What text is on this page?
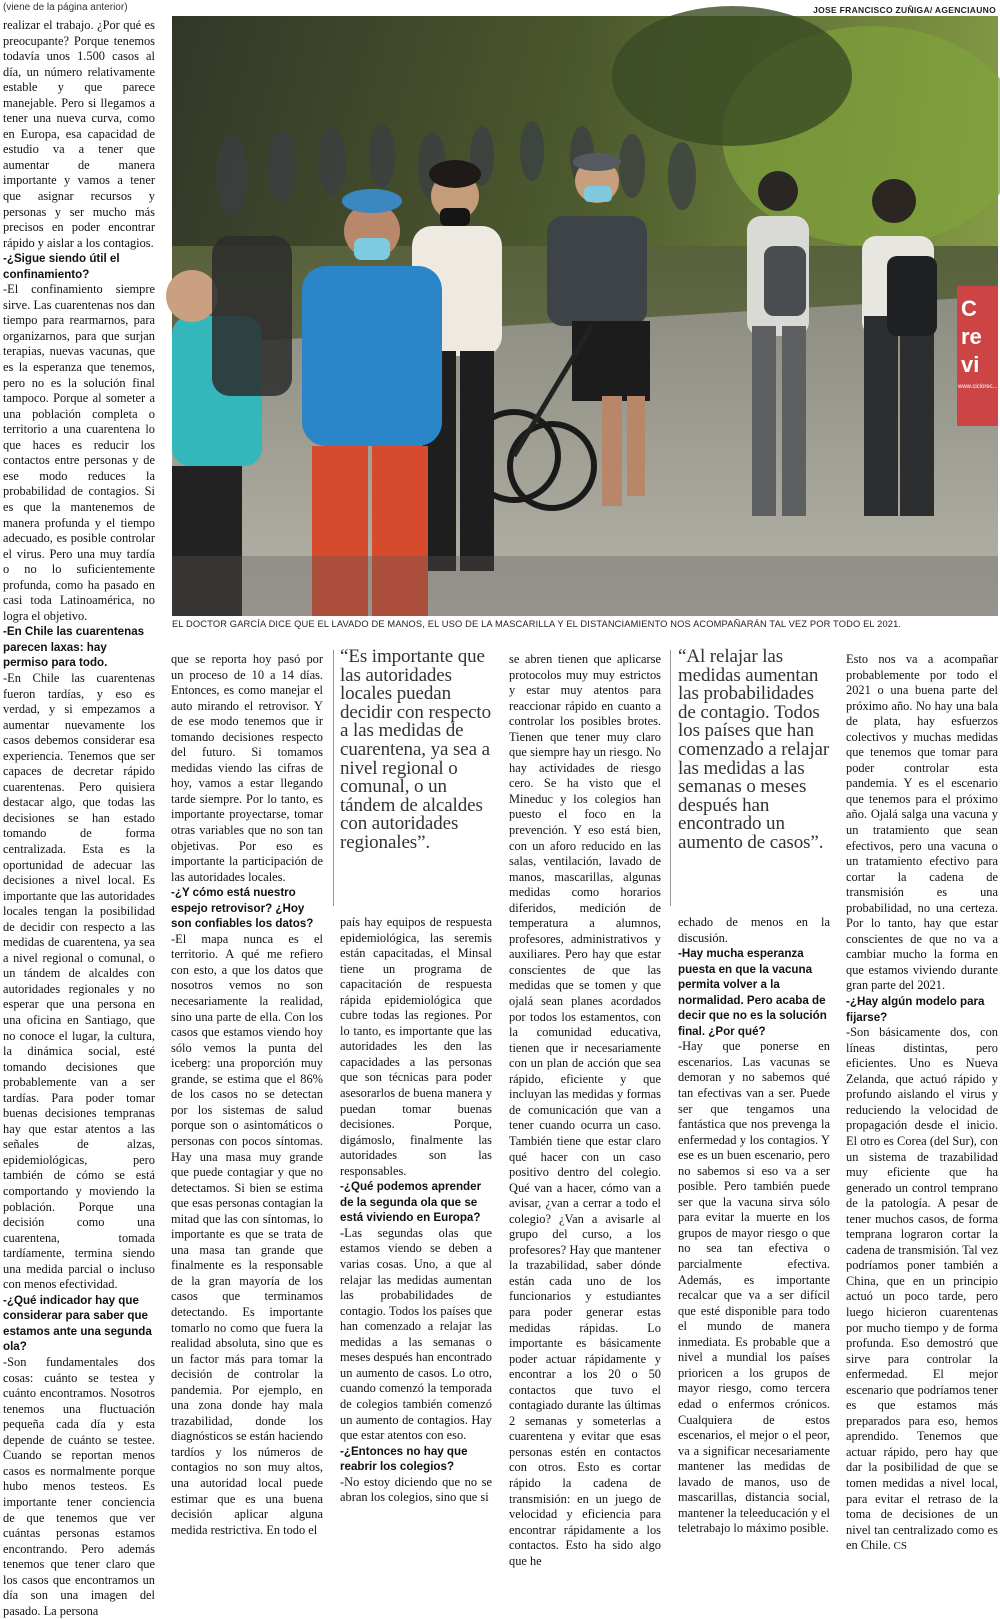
(viene de la página anterior)	JOSE FRANCISCO ZUÑIGA/ AGENCIAUNO
C
re
vi
www.ciclorec...
EL DOCTOR GARCÍA DICE QUE EL LAVADO DE MANOS, EL USO DE LA MASCARILLA Y EL DISTANCIAMIENTO NOS ACOMPAÑARÁN TAL VEZ POR TODO EL 2021.

realizar el trabajo. ¿Por qué es preocupante? Porque tenemos todavía unos 1.500 casos al día, un número relativamente estable y que parece manejable. Pero si llegamos a tener una nueva curva, como en Europa, esa capacidad de estudio va a tener que aumentar de manera importante y vamos a tener que asignar recursos y personas y ser mucho más precisos en poder encontrar rápido y aislar a los contagios.

-¿Sigue siendo útil el confinamiento?

-El confinamiento siempre sirve. Las cuarentenas nos dan tiempo para rearmarnos, para organizarnos, para que surjan terapias, nuevas vacunas, que es la esperanza que tenemos, pero no es la solución final tampoco. Porque al someter a una población completa o territorio a una cuarentena lo que haces es reducir los contactos entre personas y de ese modo reduces la probabilidad de contagios. Si es que la mantenemos de manera profunda y el tiempo adecuado, es posible controlar el virus. Pero una muy tardía o no lo suficientemente profunda, como ha pasado en casi toda Latinoamérica, no logra el objetivo.

-En Chile las cuarentenas parecen laxas: hay permiso para todo.

-En Chile las cuarentenas fueron tardías, y eso es verdad, y si empezamos a aumentar nuevamente los casos debemos considerar esa experiencia. Tenemos que ser capaces de decretar rápido cuarentenas. Pero quisiera destacar algo, que todas las decisiones se han estado tomando de forma centralizada. Esta es la oportunidad de adecuar las decisiones a nivel local. Es importante que las autoridades locales tengan la posibilidad de decidir con respecto a las medidas de cuarentena, ya sea a nivel regional o comunal, o un tándem de alcaldes con autoridades regionales y no esperar que una persona en una oficina en Santiago, que no conoce el lugar, la cultura, la dinámica social, esté tomando decisiones que probablemente van a ser tardías. Para poder tomar buenas decisiones tempranas hay que estar atentos a las señales de alzas, epidemiológicas, pero también de cómo se está comportando y moviendo la población. Porque una decisión como una cuarentena, tomada tardíamente, termina siendo una medida parcial o incluso con menos efectividad.

-¿Qué indicador hay que considerar para saber que estamos ante una segunda ola?

-Son fundamentales dos cosas: cuánto se testea y cuánto encontramos. Nosotros tenemos una fluctuación pequeña cada día y esta depende de cuánto se testee. Cuando se reportan menos casos es normalmente porque hubo menos testeos. Es importante tener conciencia de que tenemos que ver cuántas personas estamos encontrando. Pero además tenemos que tener claro que los casos que encontramos un día son una imagen del pasado. La persona

que se reporta hoy pasó por un proceso de 10 a 14 días. Entonces, es como manejar el auto mirando el retrovisor. Y de ese modo tenemos que ir tomando decisiones respecto del futuro. Si tomamos medidas viendo las cifras de hoy, vamos a estar llegando tarde siempre. Por lo tanto, es importante proyectarse, tomar otras variables que no son tan objetivas. Por eso es importante la participación de las autoridades locales.

-¿Y cómo está nuestro espejo retrovisor? ¿Hoy son confiables los datos?

-El mapa nunca es el territorio. A qué me refiero con esto, a que los datos que nosotros vemos no son necesariamente la realidad, sino una parte de ella. Con los casos que estamos viendo hoy sólo vemos la punta del iceberg: una proporción muy grande, se estima que el 86% de los casos no se detectan por los sistemas de salud porque son o asintomáticos o personas con pocos síntomas. Hay una masa muy grande que puede contagiar y que no detectamos. Si bien se estima que esas personas contagian la mitad que las con síntomas, lo importante es que se trata de una masa tan grande que finalmente es la responsable de la gran mayoría de los casos que terminamos detectando. Es importante tomarlo no como que fuera la realidad absoluta, sino que es un factor más para tomar la decisión de controlar la pandemia. Por ejemplo, en una zona donde hay mala trazabilidad, donde los diagnósticos se están haciendo tardíos y los números de contagios no son muy altos, una autoridad local puede estimar que es una buena decisión aplicar alguna medida restrictiva. En todo el

“Es importante que las autoridades locales puedan decidir con respecto a las medidas de cuarentena, ya sea a nivel regional o comunal, o un tándem de alcaldes con autoridades regionales”.

país hay equipos de respuesta epidemiológica, las seremis están capacitadas, el Minsal tiene un programa de capacitación de respuesta rápida epidemiológica que cubre todas las regiones. Por lo tanto, es importante que las autoridades les den las capacidades a las personas que son técnicas para poder asesorarlos de buena manera y puedan tomar buenas decisiones. Porque, digámoslo, finalmente las autoridades son las responsables.

-¿Qué podemos aprender de la segunda ola que se está viviendo en Europa?

-Las segundas olas que estamos viendo se deben a varias cosas. Uno, a que al relajar las medidas aumentan las probabilidades de contagio. Todos los países que han comenzado a relajar las medidas a las semanas o meses después han encontrado un aumento de casos. Lo otro, cuando comenzó la temporada de colegios también comenzó un aumento de contagios. Hay que estar atentos con eso.

-¿Entonces no hay que reabrir los colegios?

-No estoy diciendo que no se abran los colegios, sino que si

se abren tienen que aplicarse protocolos muy muy estrictos y estar muy atentos para reaccionar rápido en cuanto a controlar los posibles brotes. Tienen que tener muy claro que siempre hay un riesgo. No hay actividades de riesgo cero. Se ha visto que el Mineduc y los colegios han puesto el foco en la prevención. Y eso está bien, con un aforo reducido en las salas, ventilación, lavado de manos, mascarillas, algunas medidas como horarios diferidos, medición de temperatura a alumnos, profesores, administrativos y auxiliares. Pero hay que estar conscientes de que las medidas que se tomen y que ojalá sean planes acordados por todos los estamentos, con la comunidad educativa, tienen que ir necesariamente con un plan de acción que sea rápido, eficiente y que incluyan las medidas y formas de comunicación que van a tener cuando ocurra un caso. También tiene que estar claro qué hacer con un caso positivo dentro del colegio. Qué van a hacer, cómo van a avisar, ¿van a cerrar a todo el colegio? ¿Van a avisarle al grupo del curso, a los profesores? Hay que mantener la trazabilidad, saber dónde están cada uno de los funcionarios y estudiantes para poder generar estas medidas rápidas. Lo importante es básicamente poder actuar rápidamente y encontrar a los 20 o 50 contactos que tuvo el contagiado durante las últimas 2 semanas y someterlas a cuarentena y evitar que esas personas estén en contactos con otros. Esto es cortar rápido la cadena de transmisión: en un juego de velocidad y eficiencia para encontrar rápidamente a los contactos. Esto ha sido algo que he

“Al relajar las medidas aumentan las probabilidades de contagio. Todos los países que han comenzado a relajar las medidas a las semanas o meses después han encontrado un aumento de casos”.

echado de menos en la discusión.

-Hay mucha esperanza puesta en que la vacuna permita volver a la normalidad. Pero acaba de decir que no es la solución final. ¿Por qué?

-Hay que ponerse en escenarios. Las vacunas se demoran y no sabemos qué tan efectivas van a ser. Puede ser que tengamos una fantástica que nos prevenga la enfermedad y los contagios. Y ese es un buen escenario, pero no sabemos si eso va a ser posible. Pero también puede ser que la vacuna sirva sólo para evitar la muerte en los grupos de mayor riesgo o que no sea tan efectiva o parcialmente efectiva. Además, es importante recalcar que va a ser difícil que esté disponible para todo el mundo de manera inmediata. Es probable que a nivel a mundial los países prioricen a los grupos de mayor riesgo, como tercera edad o enfermos crónicos. Cualquiera de estos escenarios, el mejor o el peor, va a significar necesariamente mantener las medidas de lavado de manos, uso de mascarillas, distancia social, mantener la teleeducación y el teletrabajo lo máximo posible.

Esto nos va a acompañar probablemente por todo el 2021 o una buena parte del próximo año. No hay una bala de plata, hay esfuerzos colectivos y muchas medidas que tenemos que tomar para poder controlar esta pandemia. Y es el escenario que tenemos para el próximo año. Ojalá salga una vacuna y un tratamiento que sean efectivos, pero una vacuna o un tratamiento efectivo para cortar la cadena de transmisión es una probabilidad, no una certeza. Por lo tanto, hay que estar conscientes de que no va a cambiar mucho la forma en que estamos viviendo durante gran parte del 2021.

-¿Hay algún modelo para fijarse?

-Son básicamente dos, con líneas distintas, pero eficientes. Uno es Nueva Zelanda, que actuó rápido y profundo aislando el virus y reduciendo la velocidad de propagación desde el inicio. El otro es Corea (del Sur), con un sistema de trazabilidad muy eficiente que ha generado un control temprano de la patología. A pesar de tener muchos casos, de forma temprana lograron cortar la cadena de transmisión. Tal vez podríamos poner también a China, que en un principio actuó un poco tarde, pero luego hicieron cuarentenas por mucho tiempo y de forma profunda. Eso demostró que sirve para controlar la enfermedad. El mejor escenario que podríamos tener es que estamos más preparados para eso, hemos aprendido. Tenemos que actuar rápido, pero hay que dar la posibilidad de que se tomen medidas a nivel local, para evitar el retraso de la toma de decisiones de un nivel tan centralizado como es en Chile. CS
